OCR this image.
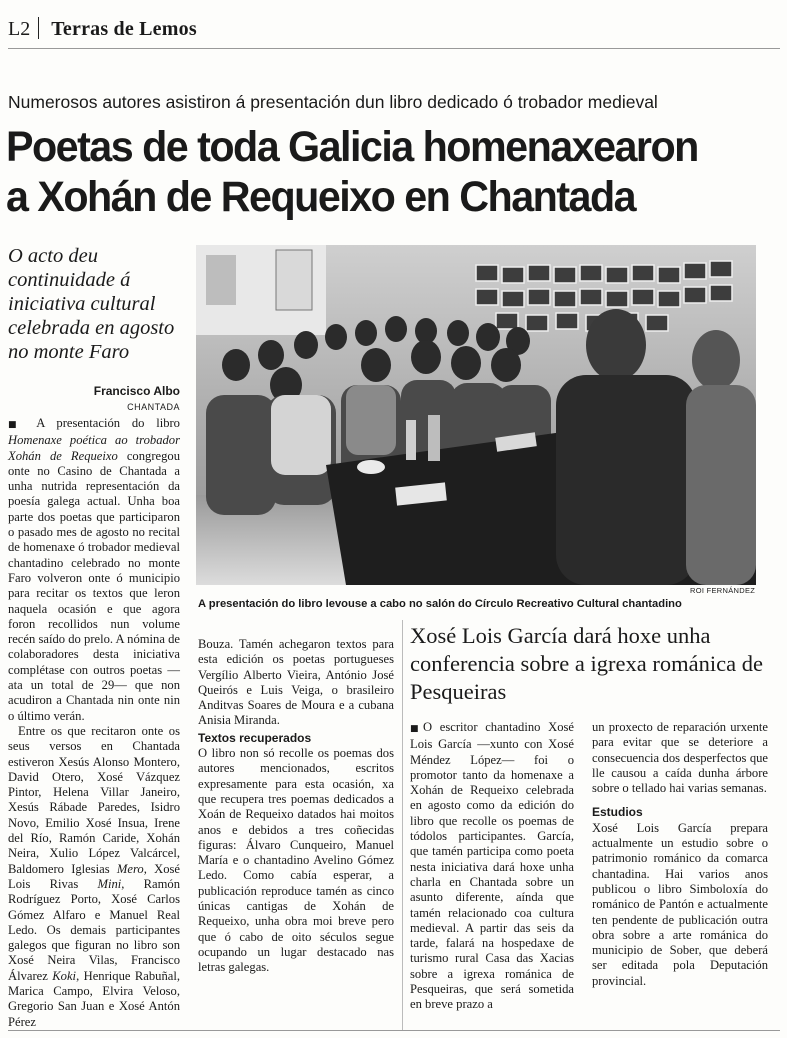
L2 Terras de Lemos
Numerosos autores asistiron á presentación dun libro dedicado ó trobador medieval
Poetas de toda Galicia homenaxearon
a Xohán de Requeixo en Chantada
O acto deu continuidade á iniciativa cultural celebrada en agosto no monte Faro
Francisco Albo
CHANTADA

■ A presentación do libro Homenaxe poética ao trobador Xohán de Requeixo congregou onte no Casino de Chantada a unha nutrida representación da poesía galega actual. Unha boa parte dos poetas que participaron o pasado mes de agosto no recital de homenaxe ó trobador medieval chantadino celebrado no monte Faro volveron onte ó municipio para recitar os textos que leron naquela ocasión e que agora foron recollidos nun volume recén saído do prelo. A nómina de colaboradores desta iniciativa complétase con outros poetas —ata un total de 29— que non acudiron a Chantada nin onte nin o último verán.

Entre os que recitaron onte os seus versos en Chantada estiveron Xesús Alonso Montero, David Otero, Xosé Vázquez Pintor, Helena Villar Janeiro, Xesús Rábade Paredes, Isidro Novo, Emilio Xosé Insua, Irene del Río, Ramón Caride, Xohán Neira, Xulio López Valcárcel, Baldomero Iglesias Mero, Xosé Lois Rivas Mini, Ramón Rodríguez Porto, Xosé Carlos Gómez Alfaro e Manuel Real Ledo. Os demais participantes galegos que figuran no libro son Xosé Neira Vilas, Francisco Álvarez Koki, Henrique Rabuñal, Marica Campo, Elvira Veloso, Gregorio San Juan e Xosé Antón Pérez

ROI FERNÁNDEZ
A presentación do libro levouse a cabo no salón do Círculo Recreativo Cultural chantadino

Bouza. Tamén achegaron textos para esta edición os poetas portugueses Vergílio Alberto Vieira, António José Queirós e Luis Veiga, o brasileiro Anditvas Soares de Moura e a cubana Anisia Miranda.

Textos recuperados

O libro non só recolle os poemas dos autores mencionados, escritos expresamente para esta ocasión, xa que recupera tres poemas dedicados a Xoán de Requeixo datados hai moitos anos e debidos a tres coñecidas figuras: Álvaro Cunqueiro, Manuel María e o chantadino Avelino Gómez Ledo. Como cabía esperar, a publicación reproduce tamén as cinco únicas cantigas de Xohán de Requeixo, unha obra moi breve pero que ó cabo de oito séculos segue ocupando un lugar destacado nas letras galegas.

Xosé Lois García dará hoxe unha conferencia sobre a igrexa románica de Pesqueiras

■O escritor chantadino Xosé Lois García —xunto con Xosé Méndez López— foi o promotor tanto da homenaxe a Xohán de Requeixo celebrada en agosto como da edición do libro que recolle os poemas de tódolos participantes. García, que tamén participa como poeta nesta iniciativa dará hoxe unha charla en Chantada sobre un asunto diferente, aínda que tamén relacionado coa cultura medieval. A partir das seis da tarde, falará na hospedaxe de turismo rural Casa das Xacias sobre a igrexa románica de Pesqueiras, que será sometida en breve prazo a

un proxecto de reparación urxente para evitar que se deteriore a consecuencia dos desperfectos que lle causou a caída dunha árbore sobre o tellado hai varias semanas.

Estudios

Xosé Lois García prepara actualmente un estudio sobre o patrimonio románico da comarca chantadina. Hai varios anos publicou o libro Simboloxía do románico de Pantón e actualmente ten pendente de publicación outra obra sobre a arte románica do municipio de Sober, que deberá ser editada pola Deputación provincial.
